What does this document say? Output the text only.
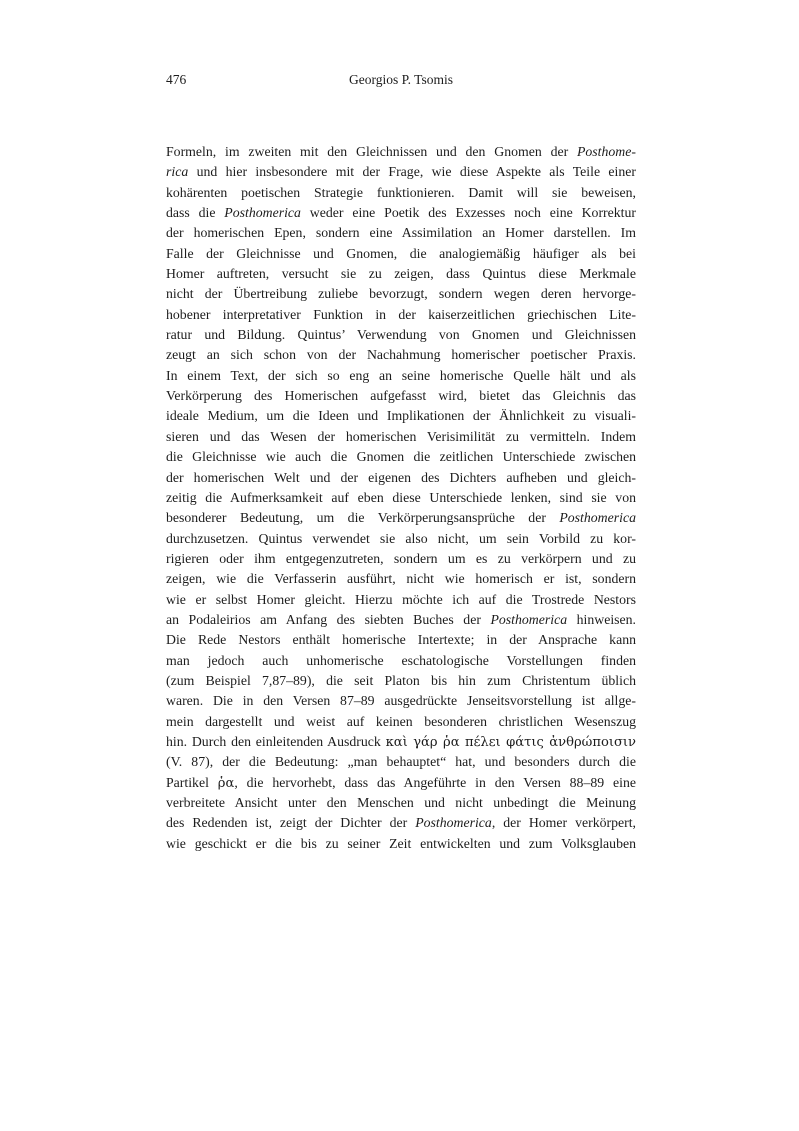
476	Georgios P. Tsomis
Formeln, im zweiten mit den Gleichnissen und den Gnomen der Posthome-
rica und hier insbesondere mit der Frage, wie diese Aspekte als Teile einer
kohärenten poetischen Strategie funktionieren. Damit will sie beweisen,
dass die Posthomerica weder eine Poetik des Exzesses noch eine Korrektur
der homerischen Epen, sondern eine Assimilation an Homer darstellen. Im
Falle der Gleichnisse und Gnomen, die analogiemäßig häufiger als bei
Homer auftreten, versucht sie zu zeigen, dass Quintus diese Merkmale
nicht der Übertreibung zuliebe bevorzugt, sondern wegen deren hervorge-
hobener interpretativer Funktion in der kaiserzeitlichen griechischen Lite-
ratur und Bildung. Quintus’ Verwendung von Gnomen und Gleichnissen
zeugt an sich schon von der Nachahmung homerischer poetischer Praxis.
In einem Text, der sich so eng an seine homerische Quelle hält und als
Verkörperung des Homerischen aufgefasst wird, bietet das Gleichnis das
ideale Medium, um die Ideen und Implikationen der Ähnlichkeit zu visuali-
sieren und das Wesen der homerischen Verisimilität zu vermitteln. Indem
die Gleichnisse wie auch die Gnomen die zeitlichen Unterschiede zwischen
der homerischen Welt und der eigenen des Dichters aufheben und gleich-
zeitig die Aufmerksamkeit auf eben diese Unterschiede lenken, sind sie von
besonderer Bedeutung, um die Verkörperungsansprüche der Posthomerica
durchzusetzen. Quintus verwendet sie also nicht, um sein Vorbild zu kor-
rigieren oder ihm entgegenzutreten, sondern um es zu verkörpern und zu
zeigen, wie die Verfasserin ausführt, nicht wie homerisch er ist, sondern
wie er selbst Homer gleicht. Hierzu möchte ich auf die Trostrede Nestors
an Podaleirios am Anfang des siebten Buches der Posthomerica hinweisen.
Die Rede Nestors enthält homerische Intertexte; in der Ansprache kann
man jedoch auch unhomerische eschatologische Vorstellungen finden
(zum Beispiel 7,87–89), die seit Platon bis hin zum Christentum üblich
waren. Die in den Versen 87–89 ausgedrückte Jenseitsvorstellung ist allge-
mein dargestellt und weist auf keinen besonderen christlichen Wesenszug
hin. Durch den einleitenden Ausdruck καὶ γάρ ῥα πέλει φάτις ἀνθρώποισιν
(V. 87), der die Bedeutung: „man behauptet“ hat, und besonders durch die
Partikel ῥα, die hervorhebt, dass das Angeführte in den Versen 88–89 eine
verbreitete Ansicht unter den Menschen und nicht unbedingt die Meinung
des Redenden ist, zeigt der Dichter der Posthomerica, der Homer verkörpert,
wie geschickt er die bis zu seiner Zeit entwickelten und zum Volksglauben
